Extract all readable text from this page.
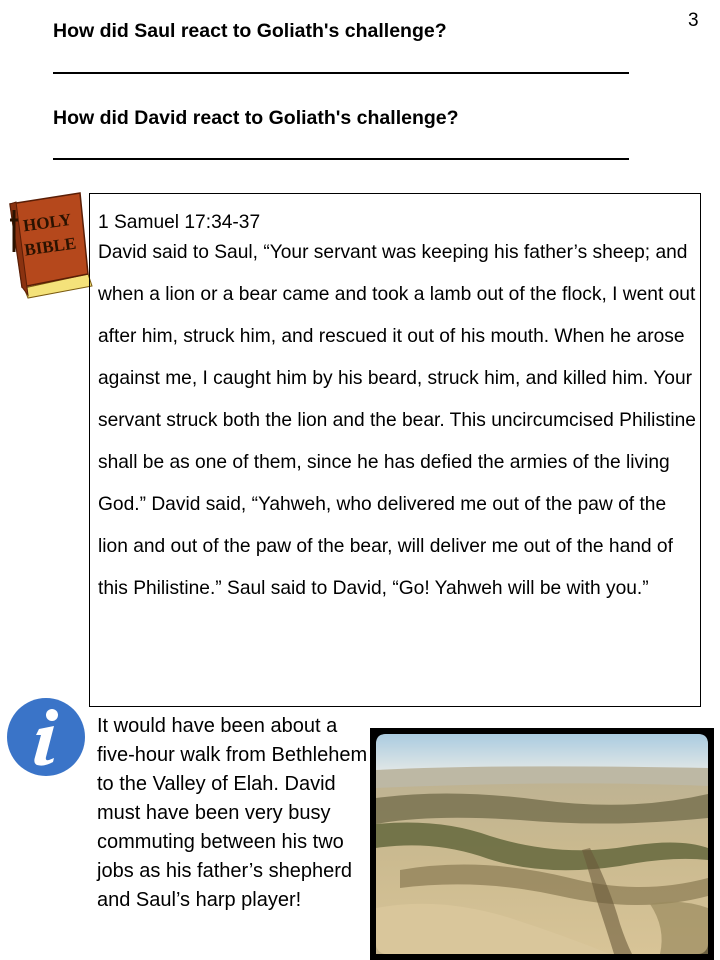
3
How did Saul react to Goliath's challenge?
How did David react to Goliath's challenge?
HOLY
BIBLE
1 Samuel 17:34-37
David said to Saul, “Your servant was keeping his father’s sheep; and when a lion or a bear came and took a lamb out of the flock, I went out after him, struck him, and rescued it out of his mouth. When he arose against me, I caught him by his beard, struck him, and killed him. Your servant struck both the lion and the bear. This uncircumcised Philistine shall be as one of them, since he has defied the armies of the living God.” David said, “Yahweh, who delivered me out of the paw of the lion and out of the paw of the bear, will deliver me out of the hand of this Philistine.” Saul said to David, “Go! Yahweh will be with you.”
It would have been about a five-hour walk from Bethlehem to the Valley of Elah. David must have been very busy commuting between his two jobs as his father’s shepherd and Saul’s harp player!
